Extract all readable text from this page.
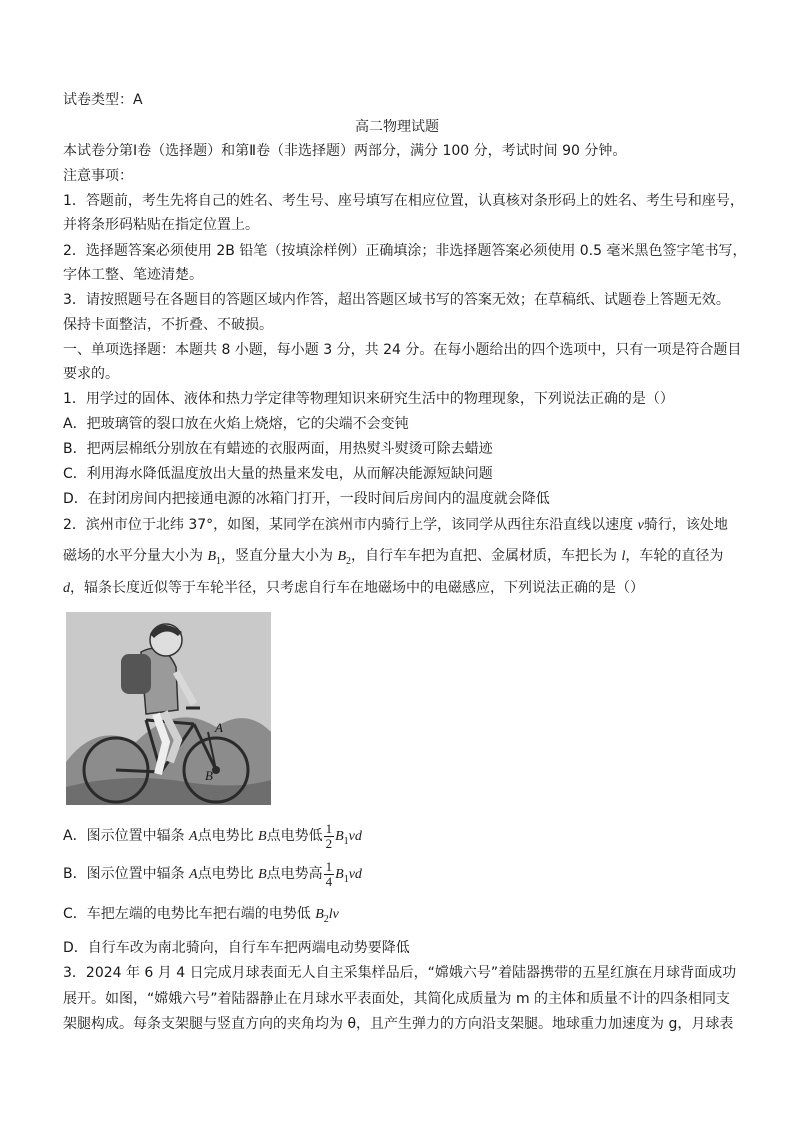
试卷类型：A
高二物理试题
本试卷分第Ⅰ卷（选择题）和第Ⅱ卷（非选择题）两部分，满分 100 分，考试时间 90 分钟。
注意事项：
1．答题前，考生先将自己的姓名、考生号、座号填写在相应位置，认真核对条形码上的姓名、考生号和座号，
并将条形码粘贴在指定位置上。
2．选择题答案必须使用 2B 铅笔（按填涂样例）正确填涂；非选择题答案必须使用 0.5 毫米黑色签字笔书写，
字体工整、笔迹清楚。
3．请按照题号在各题目的答题区域内作答，超出答题区域书写的答案无效；在草稿纸、试题卷上答题无效。
保持卡面整洁，不折叠、不破损。
一、单项选择题：本题共 8 小题，每小题 3 分，共 24 分。在每小题给出的四个选项中，只有一项是符合题目
要求的。
1．用学过的固体、液体和热力学定律等物理知识来研究生活中的物理现象，下列说法正确的是（）
A．把玻璃管的裂口放在火焰上烧熔，它的尖端不会变钝
B．把两层棉纸分别放在有蜡迹的衣服两面，用热熨斗熨烫可除去蜡迹
C．利用海水降低温度放出大量的热量来发电，从而解决能源短缺问题
D．在封闭房间内把接通电源的冰箱门打开，一段时间后房间内的温度就会降低
2．滨州市位于北纬 37°，如图，某同学在滨州市内骑行上学，该同学从西往东沿直线以速度 v骑行，该处地
磁场的水平分量大小为 $B_1$，竖直分量大小为 $B_2$，自行车车把为直把、金属材质，车把长为 l，车轮的直径为
d，辐条长度近似等于车轮半径，只考虑自行车在地磁场中的电磁感应，下列说法正确的是（）
A
B
A．图示位置中辐条 A点电势比 B点电势低 $\frac{1}{2} B_1vd$
B．图示位置中辐条 A点电势比 B点电势高 $\frac{1}{4} B_1vd$
C．车把左端的电势比车把右端的电势低 $B_2lv$
D．自行车改为南北骑向，自行车车把两端电动势要降低
3．2024 年 6 月 4 日完成月球表面无人自主采集样品后，“嫦娥六号”着陆器携带的五星红旗在月球背面成功
展开。如图，“嫦娥六号”着陆器静止在月球水平表面处，其简化成质量为 m 的主体和质量不计的四条相同支
架腿构成。每条支架腿与竖直方向的夹角均为 θ，且产生弹力的方向沿支架腿。地球重力加速度为 g，月球表
